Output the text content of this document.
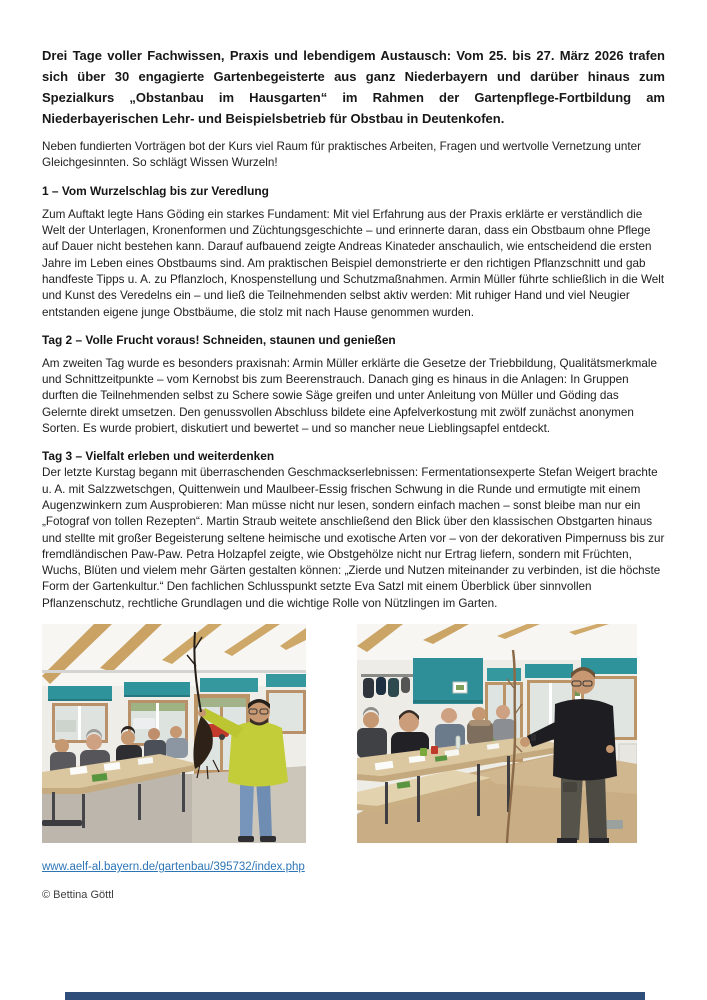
Drei Tage voller Fachwissen, Praxis und lebendigem Austausch: Vom 25. bis 27. März 2026 trafen sich über 30 engagierte Gartenbegeisterte aus ganz Niederbayern und darüber hinaus zum Spezialkurs „Obstanbau im Hausgarten“ im Rahmen der Gartenpflege-Fortbildung am Niederbayerischen Lehr- und Beispielsbetrieb für Obstbau in Deutenkofen.

Neben fundierten Vorträgen bot der Kurs viel Raum für praktisches Arbeiten, Fragen und wertvolle Vernetzung unter Gleichgesinnten. So schlägt Wissen Wurzeln!

1 – Vom Wurzelschlag bis zur Veredlung

Zum Auftakt legte Hans Göding ein starkes Fundament: Mit viel Erfahrung aus der Praxis erklärte er verständlich die Welt der Unterlagen, Kronenformen und Züchtungsgeschichte – und erinnerte daran, dass ein Obstbaum ohne Pflege auf Dauer nicht bestehen kann. Darauf aufbauend zeigte Andreas Kinateder anschaulich, wie entscheidend die ersten Jahre im Leben eines Obstbaums sind. Am praktischen Beispiel demonstrierte er den richtigen Pflanzschnitt und gab handfeste Tipps u. A. zu Pflanzloch, Knospenstellung und Schutzmaßnahmen. Armin Müller führte schließlich in die Welt und Kunst des Veredelns ein – und ließ die Teilnehmenden selbst aktiv werden: Mit ruhiger Hand und viel Neugier entstanden eigene junge Obstbäume, die stolz mit nach Hause genommen wurden.

Tag 2 – Volle Frucht voraus! Schneiden, staunen und genießen

Am zweiten Tag wurde es besonders praxisnah: Armin Müller erklärte die Gesetze der Triebbildung, Qualitätsmerkmale und Schnittzeitpunkte – vom Kernobst bis zum Beerenstrauch. Danach ging es hinaus in die Anlagen: In Gruppen durften die Teilnehmenden selbst zu Schere sowie Säge greifen und unter Anleitung von Müller und Göding das Gelernte direkt umsetzen. Den genussvollen Abschluss bildete eine Apfelverkostung mit zwölf zunächst anonymen Sorten. Es wurde probiert, diskutiert und bewertet – und so mancher neue Lieblingsapfel entdeckt.

Tag 3 – Vielfalt erleben und weiterdenken

Der letzte Kurstag begann mit überraschenden Geschmackserlebnissen: Fermentationsexperte Stefan Weigert brachte u. A. mit Salzzwetschgen, Quittenwein und Maulbeer-Essig frischen Schwung in die Runde und ermutigte mit einem Augenzwinkern zum Ausprobieren: Man müsse nicht nur lesen, sondern einfach machen – sonst bleibe man nur ein „Fotograf von tollen Rezepten“. Martin Straub weitete anschließend den Blick über den klassischen Obstgarten hinaus und stellte mit großer Begeisterung seltene heimische und exotische Arten vor – von der dekorativen Pimpernuss bis zur fremdländischen Paw-Paw. Petra Holzapfel zeigte, wie Obstgehölze nicht nur Ertrag liefern, sondern mit Früchten, Wuchs, Blüten und vielem mehr Gärten gestalten können: „Zierde und Nutzen miteinander zu verbinden, ist die höchste Form der Gartenkultur.“ Den fachlichen Schlusspunkt setzte Eva Satzl mit einem Überblick über sinnvollen Pflanzenschutz, rechtliche Grundlagen und die wichtige Rolle von Nützlingen im Garten.

www.aelf-al.bayern.de/gartenbau/395732/index.php

© Bettina Göttl
